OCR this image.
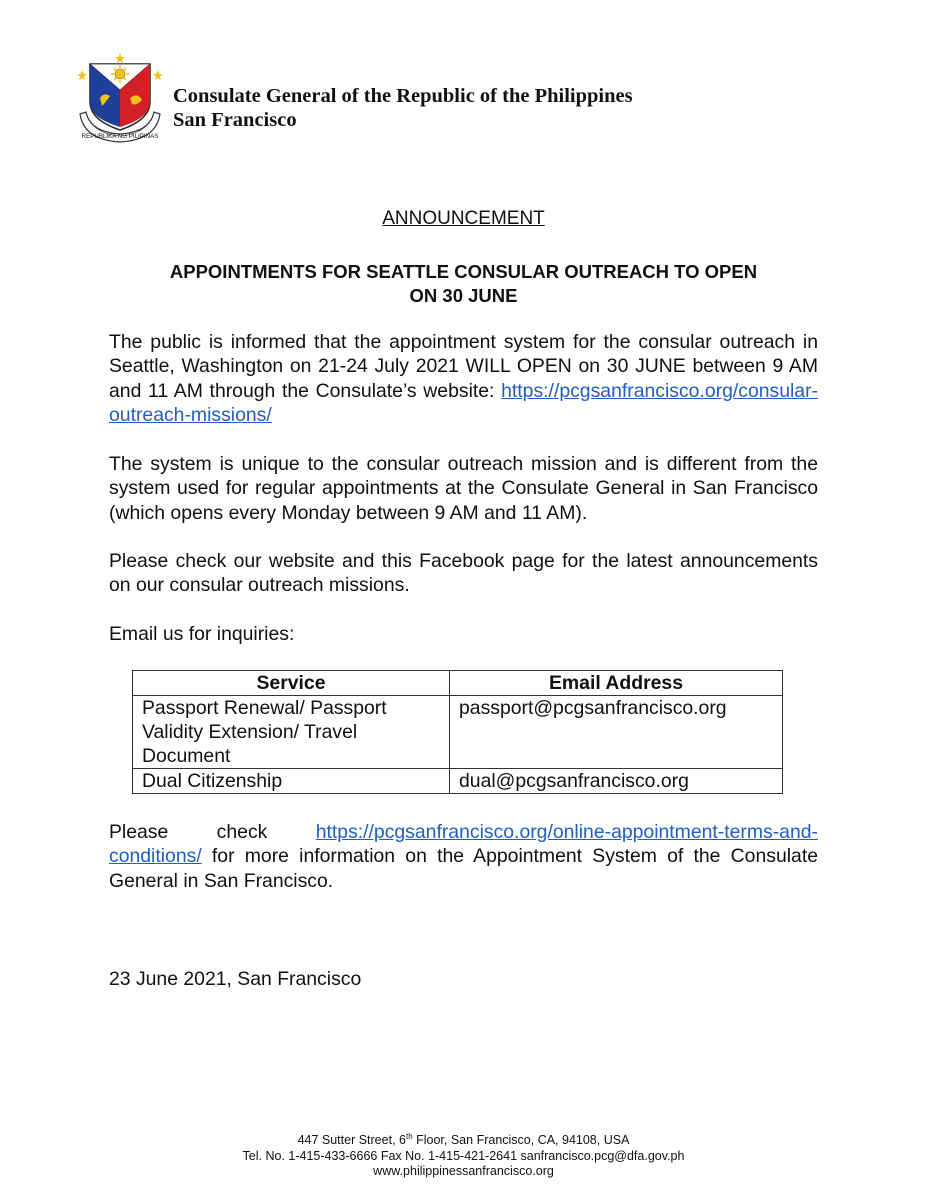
REPUBLIKA NG PILIPINAS
Consulate General of the Republic of the Philippines
San Francisco
ANNOUNCEMENT
APPOINTMENTS FOR SEATTLE CONSULAR OUTREACH TO OPEN
ON 30 JUNE
The public is informed that the appointment system for the consular outreach in Seattle, Washington on 21-24 July 2021 WILL OPEN on 30 JUNE between 9 AM and 11 AM through the Consulate’s website: https://pcgsanfrancisco.org/consular-outreach-missions/
The system is unique to the consular outreach mission and is different from the system used for regular appointments at the Consulate General in San Francisco (which opens every Monday between 9 AM and 11 AM).
Please check our website and this Facebook page for the latest announcements on our consular outreach missions.
Email us for inquiries:
Service	Email Address
Passport Renewal/ Passport Validity Extension/ Travel Document	passport@pcgsanfrancisco.org
Dual Citizenship	dual@pcgsanfrancisco.org
Please check https://pcgsanfrancisco.org/online-appointment-terms-and-conditions/ for more information on the Appointment System of the Consulate General in San Francisco.
23 June 2021, San Francisco
447 Sutter Street, 6th Floor, San Francisco, CA, 94108, USA
Tel. No. 1-415-433-6666 Fax No. 1-415-421-2641 sanfrancisco.pcg@dfa.gov.ph
www.philippinessanfrancisco.org
